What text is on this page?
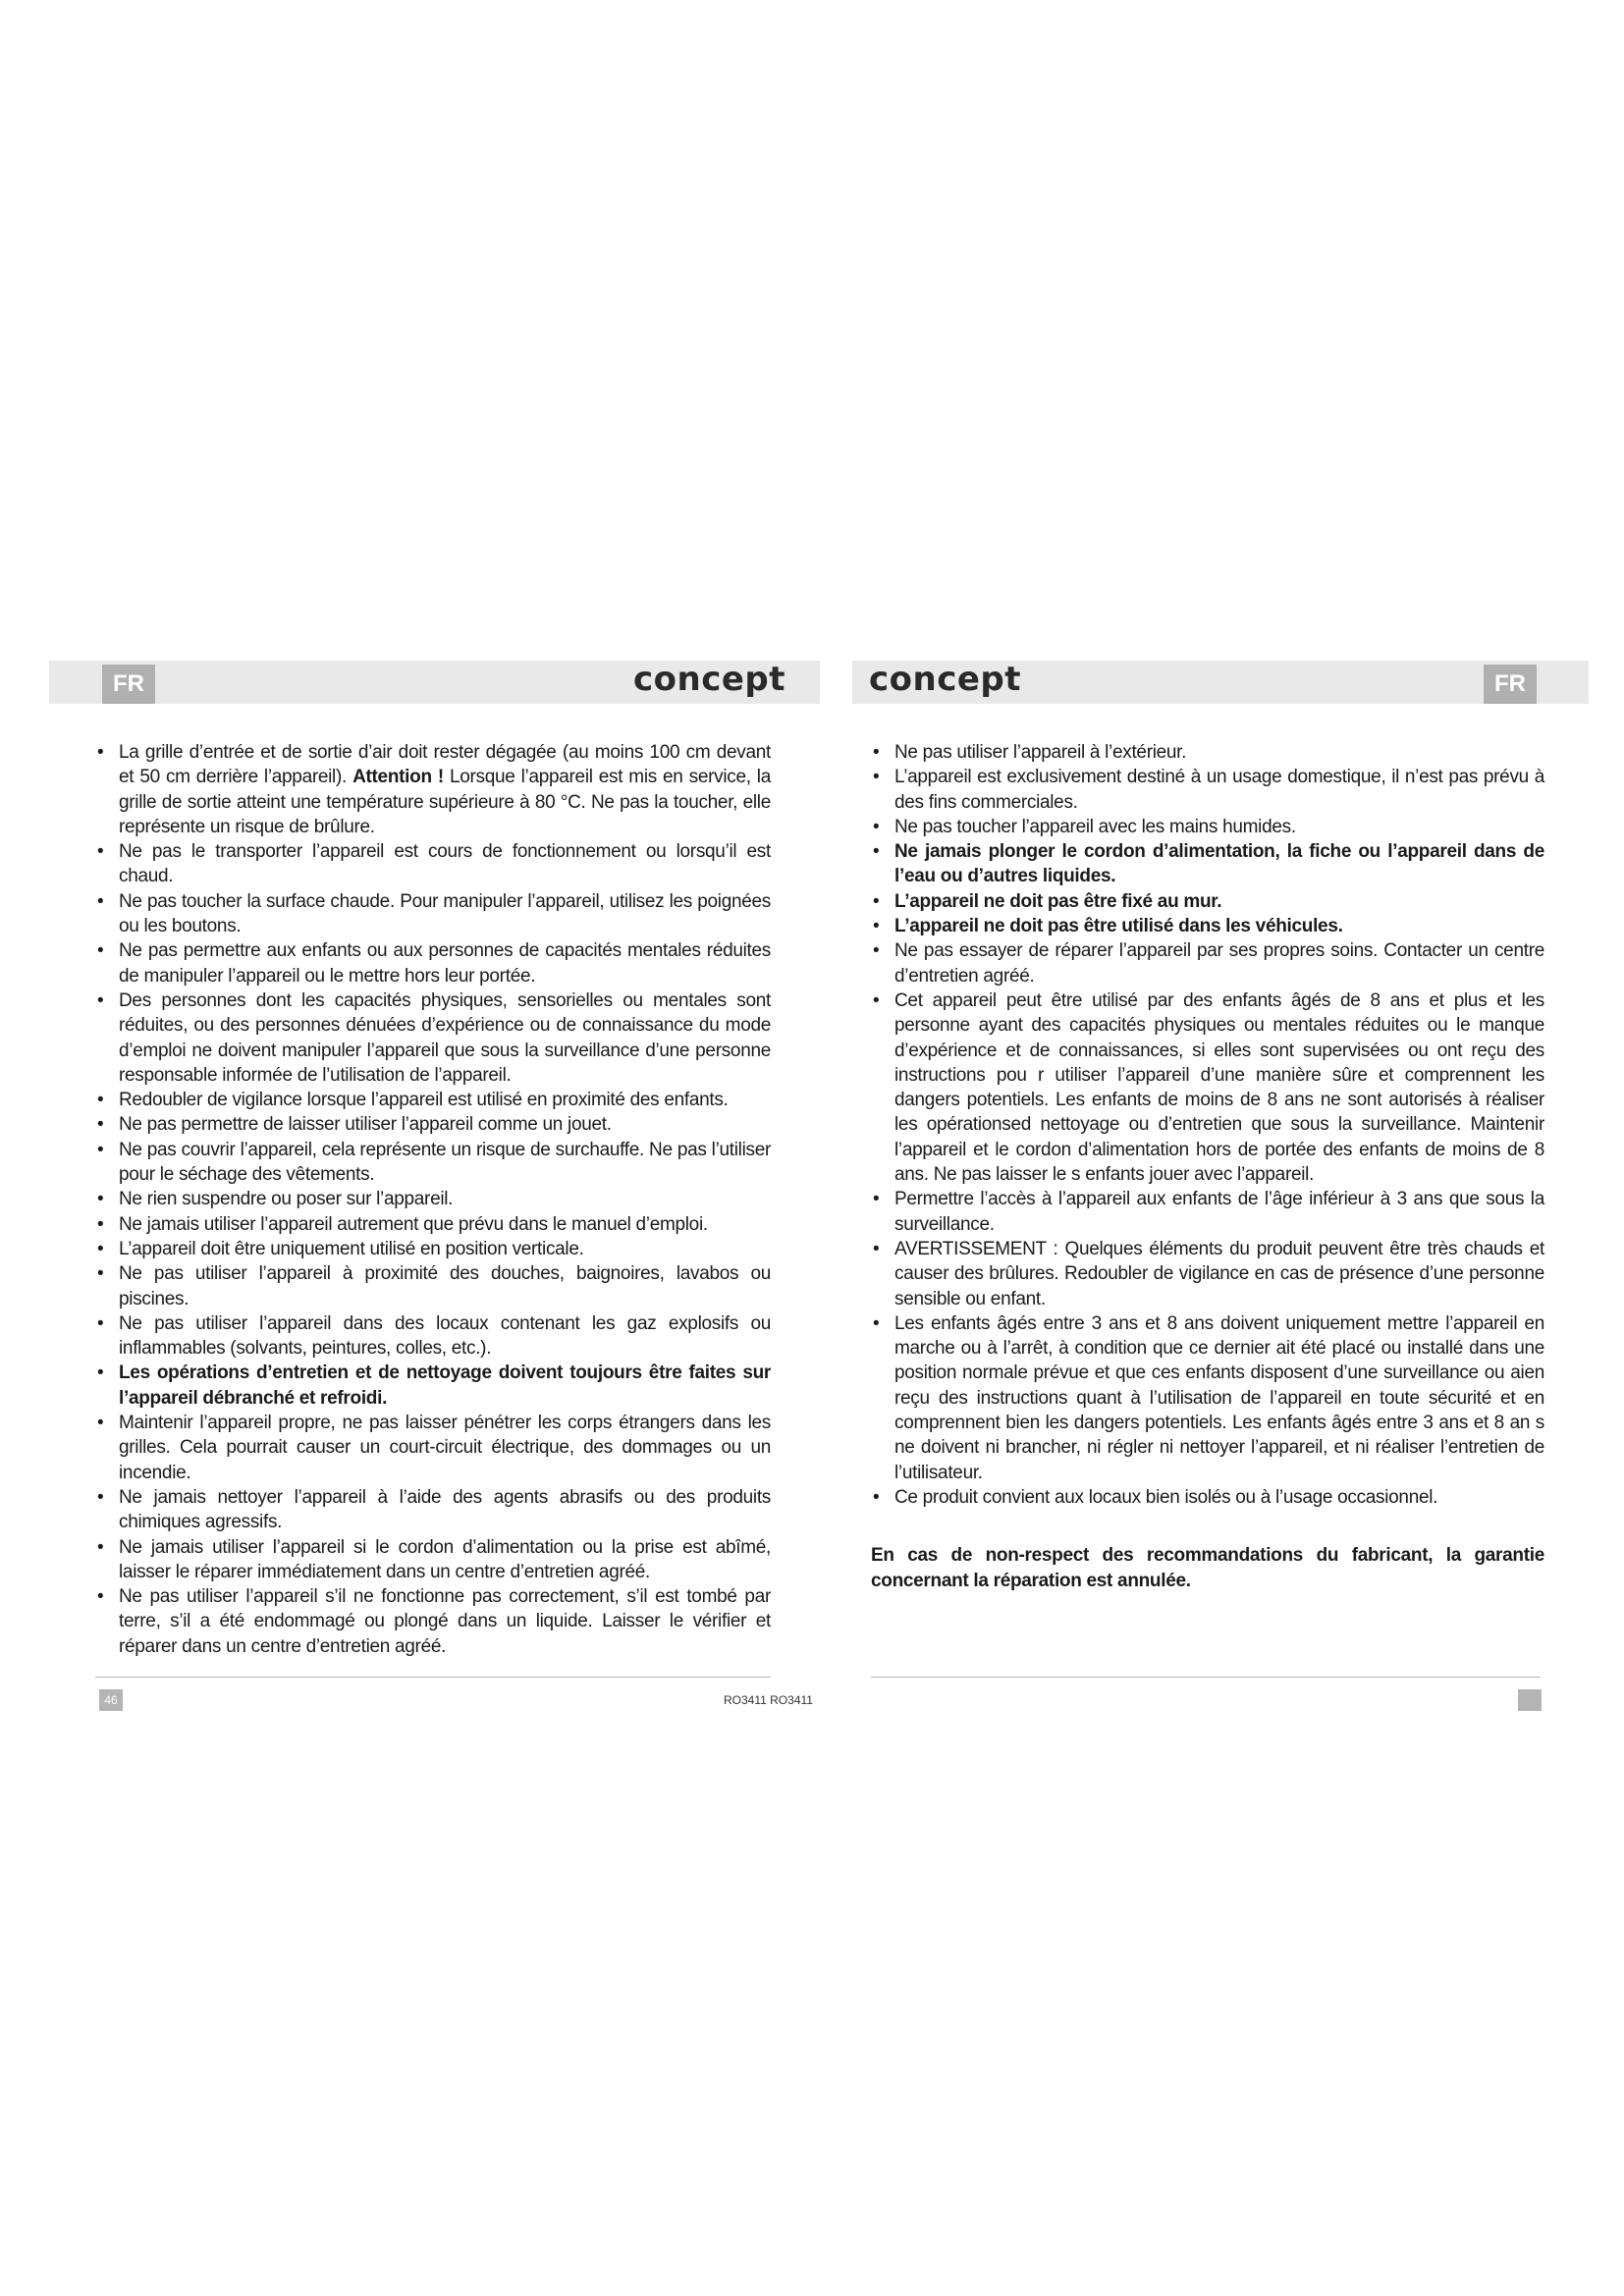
FR	FR
concept concept
• La grille d’entrée et de sortie d’air doit rester dégagée (au moins 100 cm devant et 50 cm derrière l’appareil). Attention ! Lorsque l’appareil est mis en service, la grille de sortie atteint une température supérieure à 80 °C. Ne pas la toucher, elle représente un risque de brûlure.
• Ne pas le transporter l’appareil est cours de fonctionnement ou lorsqu’il est chaud.
• Ne pas toucher la surface chaude. Pour manipuler l’appareil, utilisez les poignées ou les boutons.
• Ne pas permettre aux enfants ou aux personnes de capacités mentales réduites de manipuler l’appareil ou le mettre hors leur portée.
• Des personnes dont les capacités physiques, sensorielles ou mentales sont réduites, ou des personnes dénuées d’expérience ou de connaissance du mode d’emploi ne doivent manipuler l’appareil que sous la surveillance d’une personne responsable informée de l’utilisation de l’appareil.
• Redoubler de vigilance lorsque l’appareil est utilisé en proximité des enfants.
• Ne pas permettre de laisser utiliser l’appareil comme un jouet.
• Ne pas couvrir l’appareil, cela représente un risque de surchauffe. Ne pas l’utiliser pour le séchage des vêtements.
• Ne rien suspendre ou poser sur l’appareil.
• Ne jamais utiliser l’appareil autrement que prévu dans le manuel d’emploi.
• L’appareil doit être uniquement utilisé en position verticale.
• Ne pas utiliser l’appareil à proximité des douches, baignoires, lavabos ou piscines.
• Ne pas utiliser l’appareil dans des locaux contenant les gaz explosifs ou inflammables (solvants, peintures, colles, etc.).
• Les opérations d’entretien et de nettoyage doivent toujours être faites sur l’appareil débranché et refroidi.
• Maintenir l’appareil propre, ne pas laisser pénétrer les corps étrangers dans les grilles. Cela pourrait causer un court-circuit électrique, des dommages ou un incendie.
• Ne jamais nettoyer l’appareil à l’aide des agents abrasifs ou des produits chimiques agressifs.
• Ne jamais utiliser l’appareil si le cordon d’alimentation ou la prise est abîmé, laisser le réparer immédiatement dans un centre d’entretien agréé.
• Ne pas utiliser l’appareil s’il ne fonctionne pas correctement, s’il est tombé par terre, s’il a été endommagé ou plongé dans un liquide. Laisser le vérifier et réparer dans un centre d’entretien agréé.
• Ne pas utiliser l’appareil à l’extérieur.
• L’appareil est exclusivement destiné à un usage domestique, il n’est pas prévu à des fins commerciales.
• Ne pas toucher l’appareil avec les mains humides.
• Ne jamais plonger le cordon d’alimentation, la fiche ou l’appareil dans de l’eau ou d’autres liquides.
• L’appareil ne doit pas être fixé au mur.
• L’appareil ne doit pas être utilisé dans les véhicules.
• Ne pas essayer de réparer l’appareil par ses propres soins. Contacter un centre d’entretien agréé.
• Cet appareil peut être utilisé par des enfants âgés de 8 ans et plus et les personne ayant des capacités physiques ou mentales réduites ou le manque d’expérience et de connaissances, si elles sont supervisées ou ont reçu des instructions pou r utiliser l’appareil d’une manière sûre et comprennent les dangers potentiels. Les enfants de moins de 8 ans ne sont autorisés à réaliser les opérationsed nettoyage ou d’entretien que sous la surveillance. Maintenir l’appareil et le cordon d’alimentation hors de portée des enfants de moins de 8 ans. Ne pas laisser le s enfants jouer avec l’appareil.
• Permettre l’accès à l’appareil aux enfants de l’âge inférieur à 3 ans que sous la surveillance.
• AVERTISSEMENT : Quelques éléments du produit peuvent être très chauds et causer des brûlures. Redoubler de vigilance en cas de présence d’une personne sensible ou enfant.
• Les enfants âgés entre 3 ans et 8 ans doivent uniquement mettre l’appareil en marche ou à l’arrêt, à condition que ce dernier ait été placé ou installé dans une position normale prévue et que ces enfants disposent d’une surveillance ou aien reçu des instructions quant à l’utilisation de l’appareil en toute sécurité et en comprennent bien les dangers potentiels. Les enfants âgés entre 3 ans et 8 an s ne doivent ni brancher, ni régler ni nettoyer l’appareil, et ni réaliser l’entretien de l’utilisateur.
• Ce produit convient aux locaux bien isolés ou à l’usage occasionnel.

En cas de non-respect des recommandations du fabricant, la garantie concernant la réparation est annulée.

46	RO3411 RO3411
